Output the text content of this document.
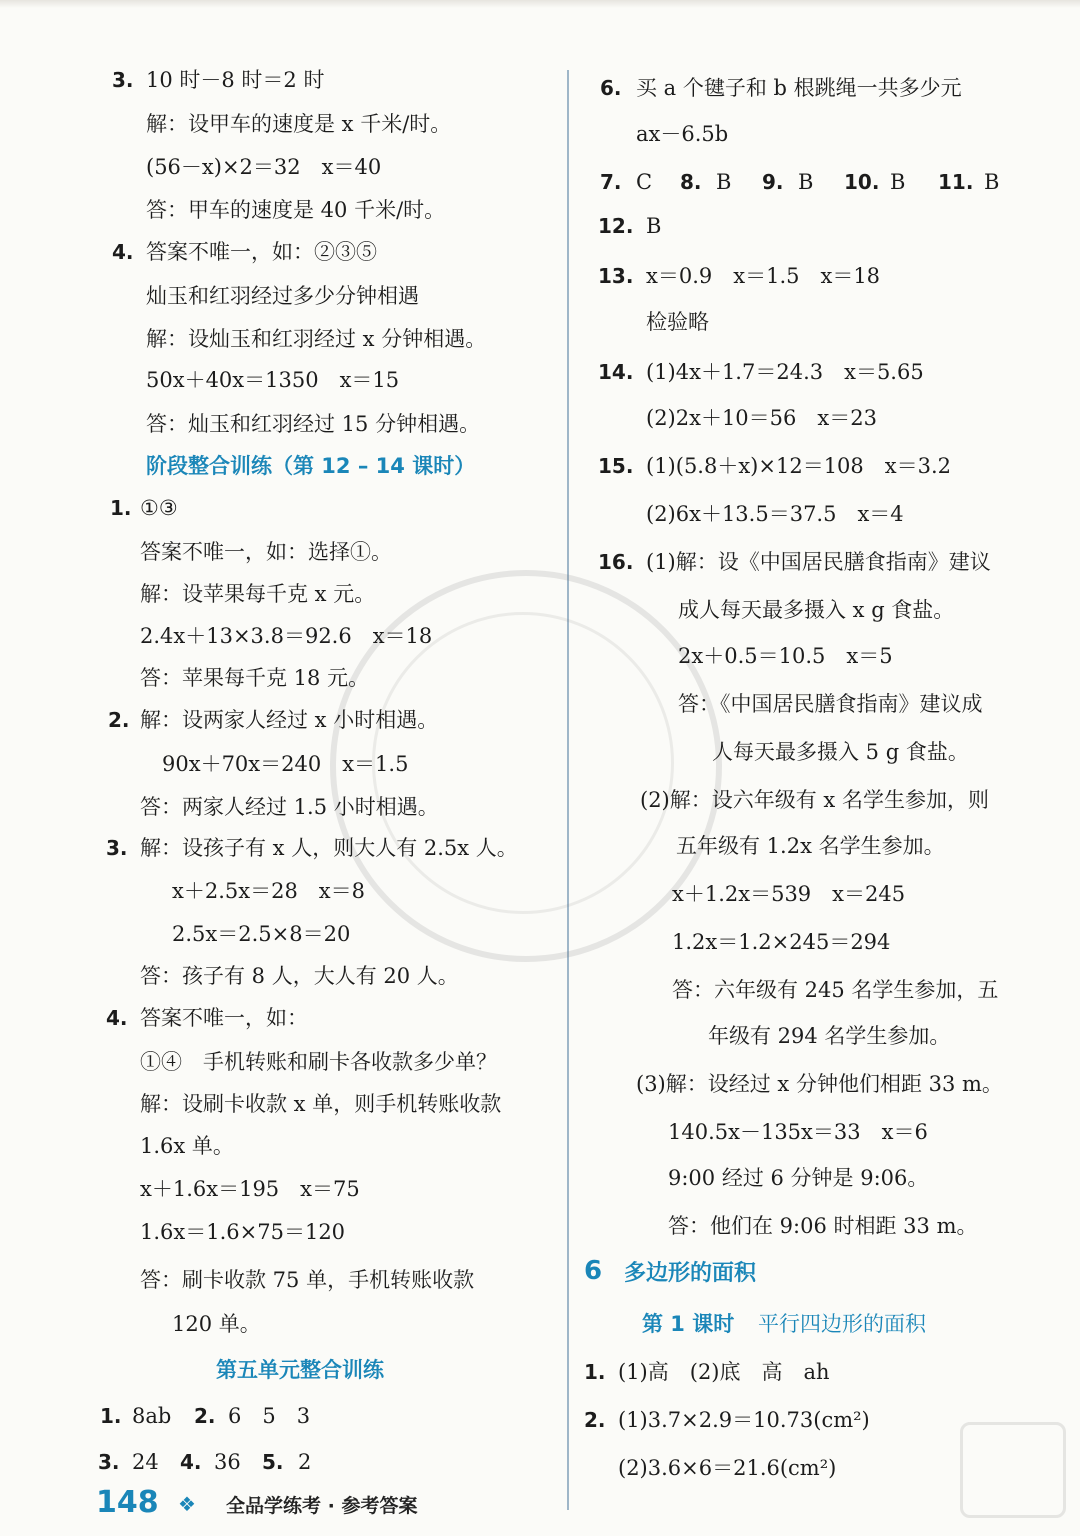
3. 10 时－8 时＝2 时
解：设甲车的速度是 x 千米/时。
(56－x)×2＝32　x＝40
答：甲车的速度是 40 千米/时。
4. 答案不唯一，如：②③⑤
灿玉和红羽经过多少分钟相遇
解：设灿玉和红羽经过 x 分钟相遇。
50x＋40x＝1350　x＝15
答：灿玉和红羽经过 15 分钟相遇。
阶段整合训练（第 12 – 14 课时）
1. ①③
答案不唯一，如：选择①。
解：设苹果每千克 x 元。
2.4x＋13×3.8＝92.6　x＝18
答：苹果每千克 18 元。
2. 解：设两家人经过 x 小时相遇。
90x＋70x＝240　x＝1.5
答：两家人经过 1.5 小时相遇。
3. 解：设孩子有 x 人，则大人有 2.5x 人。
x＋2.5x＝28　x＝8
2.5x＝2.5×8＝20
答：孩子有 8 人，大人有 20 人。
4. 答案不唯一，如：
①④　手机转账和刷卡各收款多少单？
解：设刷卡收款 x 单，则手机转账收款
1.6x 单。
x＋1.6x＝195　x＝75
1.6x＝1.6×75＝120
答：刷卡收款 75 单，手机转账收款
120 单。
第五单元整合训练
1. 8ab 2. 6　5　3
3. 24 4. 36 5. 2
6. 买 a 个毽子和 b 根跳绳一共多少元
ax－6.5b
7. C 8. B 9. B 10. B 11. B
12. B
13. x＝0.9　x＝1.5　x＝18
检验略
14. (1)4x＋1.7＝24.3　x＝5.65
(2)2x＋10＝56　x＝23
15. (1)(5.8＋x)×12＝108　x＝3.2
(2)6x＋13.5＝37.5　x＝4
16. (1)解：设《中国居民膳食指南》建议
成人每天最多摄入 x g 食盐。
2x＋0.5＝10.5　x＝5
答：《中国居民膳食指南》建议成
人每天最多摄入 5 g 食盐。
(2)解：设六年级有 x 名学生参加，则
五年级有 1.2x 名学生参加。
x＋1.2x＝539　x＝245
1.2x＝1.2×245＝294
答：六年级有 245 名学生参加，五
年级有 294 名学生参加。
(3)解：设经过 x 分钟他们相距 33 m。
140.5x－135x＝33　x＝6
9:00 经过 6 分钟是 9:06。
答：他们在 9:06 时相距 33 m。
6 多边形的面积
第 1 课时 平行四边形的面积
1. (1)高　(2)底　高　ah
2. (1)3.7×2.9＝10.73(cm²)
(2)3.6×6＝21.6(cm²)
148 ❖ 全品学练考 · 参考答案
